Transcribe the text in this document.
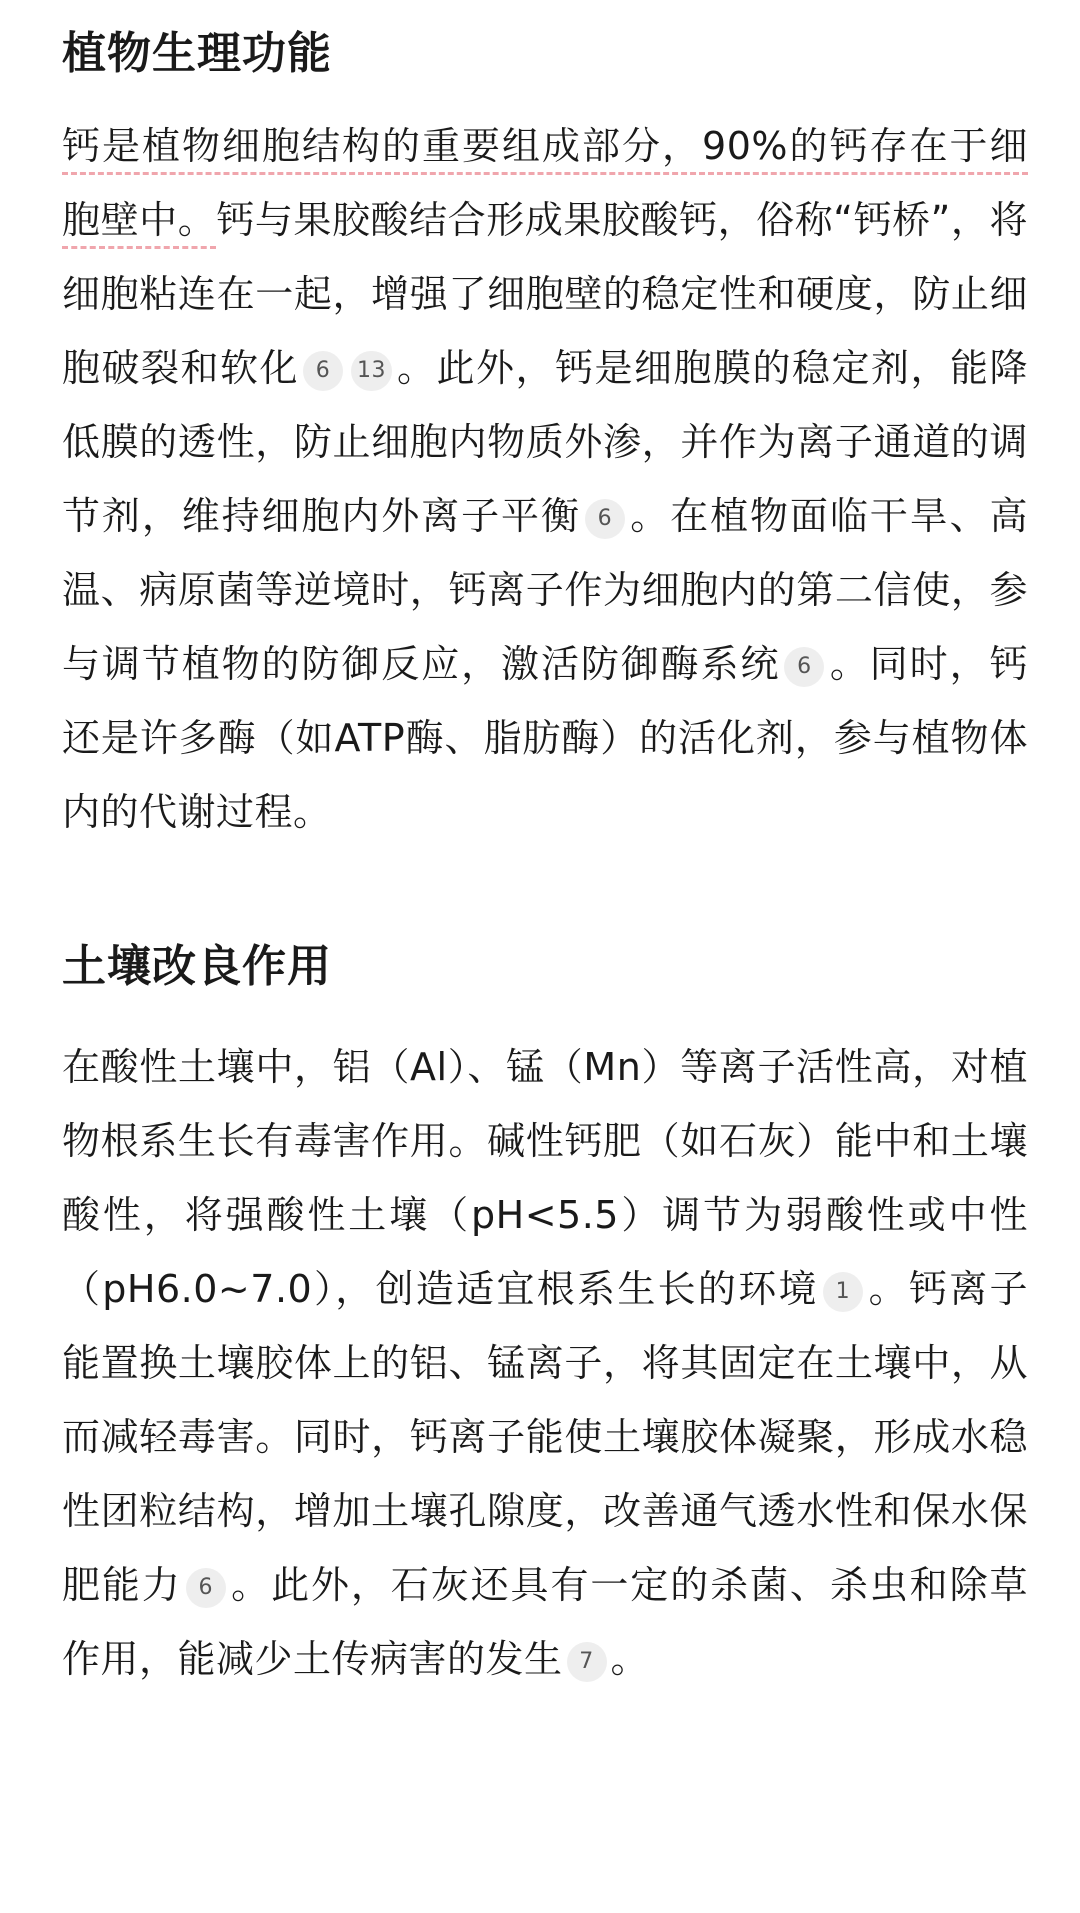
植物生理功能

钙是植物细胞结构的重要组成部分，90%的钙存在于细胞壁中。钙与果胶酸结合形成果胶酸钙，俗称“钙桥”，将细胞粘连在一起，增强了细胞壁的稳定性和硬度，防止细胞破裂和软化 6 13 。此外，钙是细胞膜的稳定剂，能降低膜的透性，防止细胞内物质外渗，并作为离子通道的调节剂，维持细胞内外离子平衡 6 。在植物面临干旱、高温、病原菌等逆境时，钙离子作为细胞内的第二信使，参与调节植物的防御反应，激活防御酶系统 6 。同时，钙还是许多酶（如ATP酶、脂肪酶）的活化剂，参与植物体内的代谢过程。

土壤改良作用

在酸性土壤中，铝（Al）、锰（Mn）等离子活性高，对植物根系生长有毒害作用。碱性钙肥（如石灰）能中和土壤酸性，将强酸性土壤（pH<5.5）调节为弱酸性或中性（pH6.0~7.0），创造适宜根系生长的环境 1 。钙离子能置换土壤胶体上的铝、锰离子，将其固定在土壤中，从而减轻毒害。同时，钙离子能使土壤胶体凝聚，形成水稳性团粒结构，增加土壤孔隙度，改善通气透水性和保水保肥能力 6 。此外，石灰还具有一定的杀菌、杀虫和除草作用，能减少土传病害的发生 7 。
